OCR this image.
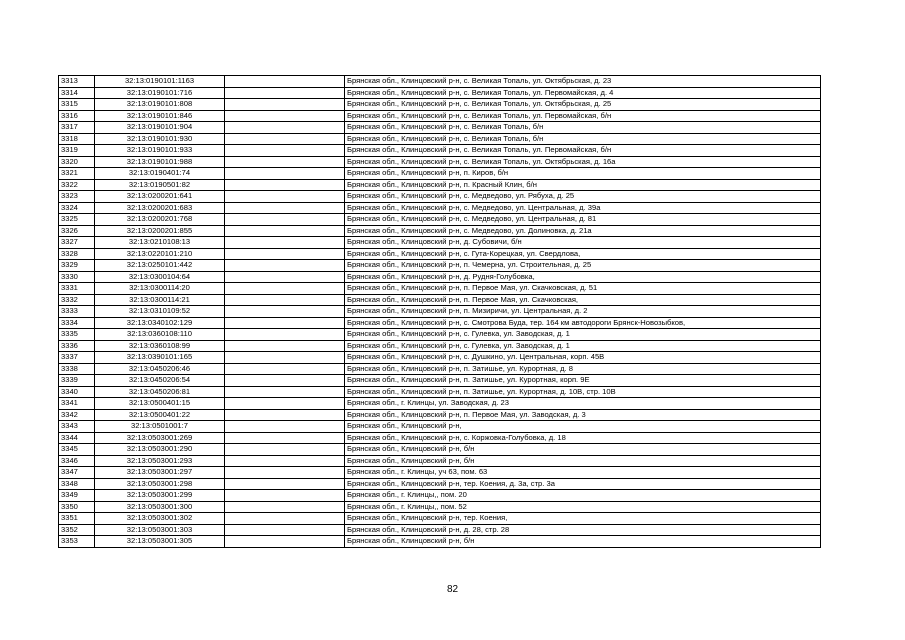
3313	32:13:0190101:1163		Брянская обл., Клинцовский р-н, с. Великая Топаль, ул. Октябрьская, д. 23
3314	32:13:0190101:716		Брянская обл., Клинцовский р-н, с. Великая Топаль, ул. Первомайская, д. 4
3315	32:13:0190101:808		Брянская обл., Клинцовский р-н, с. Великая Топаль, ул. Октябрьская, д. 25
3316	32:13:0190101:846		Брянская обл., Клинцовский р-н, с. Великая Топаль, ул. Первомайская, б/н
3317	32:13:0190101:904		Брянская обл., Клинцовский р-н, с. Великая Топаль, б/н
3318	32:13:0190101:930		Брянская обл., Клинцовский р-н, с. Великая Топаль, б/н
3319	32:13:0190101:933		Брянская обл., Клинцовский р-н, с. Великая Топаль, ул. Первомайская, б/н
3320	32:13:0190101:988		Брянская обл., Клинцовский р-н, с. Великая Топаль, ул. Октябрьская, д. 16а
3321	32:13:0190401:74		Брянская обл., Клинцовский р-н, п. Киров, б/н
3322	32:13:0190501:82		Брянская обл., Клинцовский р-н, п. Красный Клин, б/н
3323	32:13:0200201:641		Брянская обл., Клинцовский р-н, с. Медведово, ул. Рябуха, д. 25
3324	32:13:0200201:683		Брянская обл., Клинцовский р-н, с. Медведово, ул. Центральная, д. 39а
3325	32:13:0200201:768		Брянская обл., Клинцовский р-н, с. Медведово, ул. Центральная, д. 81
3326	32:13:0200201:855		Брянская обл., Клинцовский р-н, с. Медведово, ул. Долиновка, д. 21а
3327	32:13:0210108:13		Брянская обл., Клинцовский р-н, д. Субовичи, б/н
3328	32:13:0220101:210		Брянская обл., Клинцовский р-н, с. Гута-Корецкая, ул. Свердлова,
3329	32:13:0250101:442		Брянская обл., Клинцовский р-н, п. Чемерна, ул. Строительная, д. 25
3330	32:13:0300104:64		Брянская обл., Клинцовский р-н, д. Рудня-Голубовка,
3331	32:13:0300114:20		Брянская обл., Клинцовский р-н, п. Первое Мая, ул. Скачковская, д. 51
3332	32:13:0300114:21		Брянская обл., Клинцовский р-н, п. Первое Мая, ул. Скачковская,
3333	32:13:0310109:52		Брянская обл., Клинцовский р-н, п. Мизиричи, ул. Центральная, д. 2
3334	32:13:0340102:129		Брянская обл., Клинцовский р-н, с. Смотрова Буда, тер. 164 км автодороги Брянск-Новозыбков,
3335	32:13:0360108:110		Брянская обл., Клинцовский р-н, с. Гулевка, ул. Заводская, д. 1
3336	32:13:0360108:99		Брянская обл., Клинцовский р-н, с. Гулевка, ул. Заводская, д. 1
3337	32:13:0390101:165		Брянская обл., Клинцовский р-н, с. Душкино, ул. Центральная, корп. 45В
3338	32:13:0450206:46		Брянская обл., Клинцовский р-н, п. Затишье, ул. Курортная, д. 8
3339	32:13:0450206:54		Брянская обл., Клинцовский р-н, п. Затишье, ул. Курортная, корп. 9Е
3340	32:13:0450206:81		Брянская обл., Клинцовский р-н, п. Затишье, ул. Курортная, д. 10В, стр. 10В
3341	32:13:0500401:15		Брянская обл., г. Клинцы, ул. Заводская, д. 23
3342	32:13:0500401:22		Брянская обл., Клинцовский р-н, п. Первое Мая, ул. Заводская, д. 3
3343	32:13:0501001:7		Брянская обл., Клинцовский р-н,
3344	32:13:0503001:269		Брянская обл., Клинцовский р-н, с. Коржовка-Голубовка, д. 18
3345	32:13:0503001:290		Брянская обл., Клинцовский р-н, б/н
3346	32:13:0503001:293		Брянская обл., Клинцовский р-н, б/н
3347	32:13:0503001:297		Брянская обл., г. Клинцы, уч 63, пом. 63
3348	32:13:0503001:298		Брянская обл., Клинцовский р-н, тер. Коения, д. 3а, стр. 3а
3349	32:13:0503001:299		Брянская обл., г. Клинцы,, пом. 20
3350	32:13:0503001:300		Брянская обл., г. Клинцы,, пом. 52
3351	32:13:0503001:302		Брянская обл., Клинцовский р-н, тер. Коения,
3352	32:13:0503001:303		Брянская обл., Клинцовский р-н, д. 28, стр. 28
3353	32:13:0503001:305		Брянская обл., Клинцовский р-н, б/н
82
